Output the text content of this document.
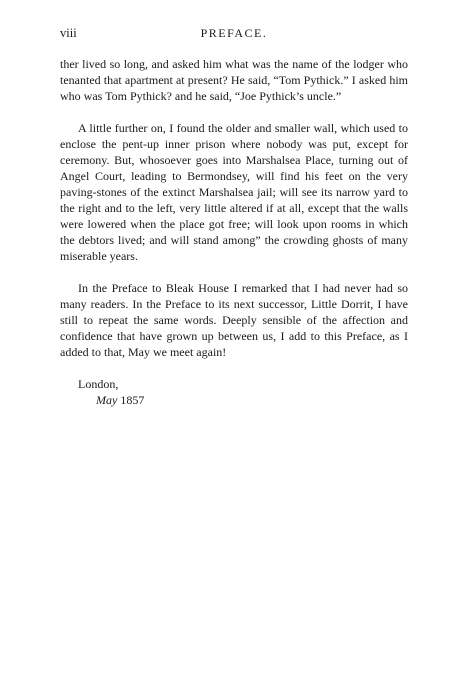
viii	PREFACE.

ther lived so long, and asked him what was the name of the lodger who tenanted that apartment at present? He said, “Tom Pythick.” I asked him who was Tom Pythick? and he said, “Joe Pythick’s uncle.”

A little further on, I found the older and smaller wall, which used to enclose the pent-up inner prison where nobody was put, except for ceremony. But, whosoever goes into Marshalsea Place, turning out of Angel Court, leading to Bermondsey, will find his feet on the very paving-stones of the extinct Marshalsea jail; will see its narrow yard to the right and to the left, very little altered if at all, except that the walls were lowered when the place got free; will look upon rooms in which the debtors lived; and will stand among” the crowding ghosts of many miserable years.

In the Preface to Bleak House I remarked that I had never had so many readers. In the Preface to its next successor, Little Dorrit, I have still to repeat the same words. Deeply sensible of the affection and confidence that have grown up between us, I add to this Preface, as I added to that, May we meet again!

London,
May 1857
